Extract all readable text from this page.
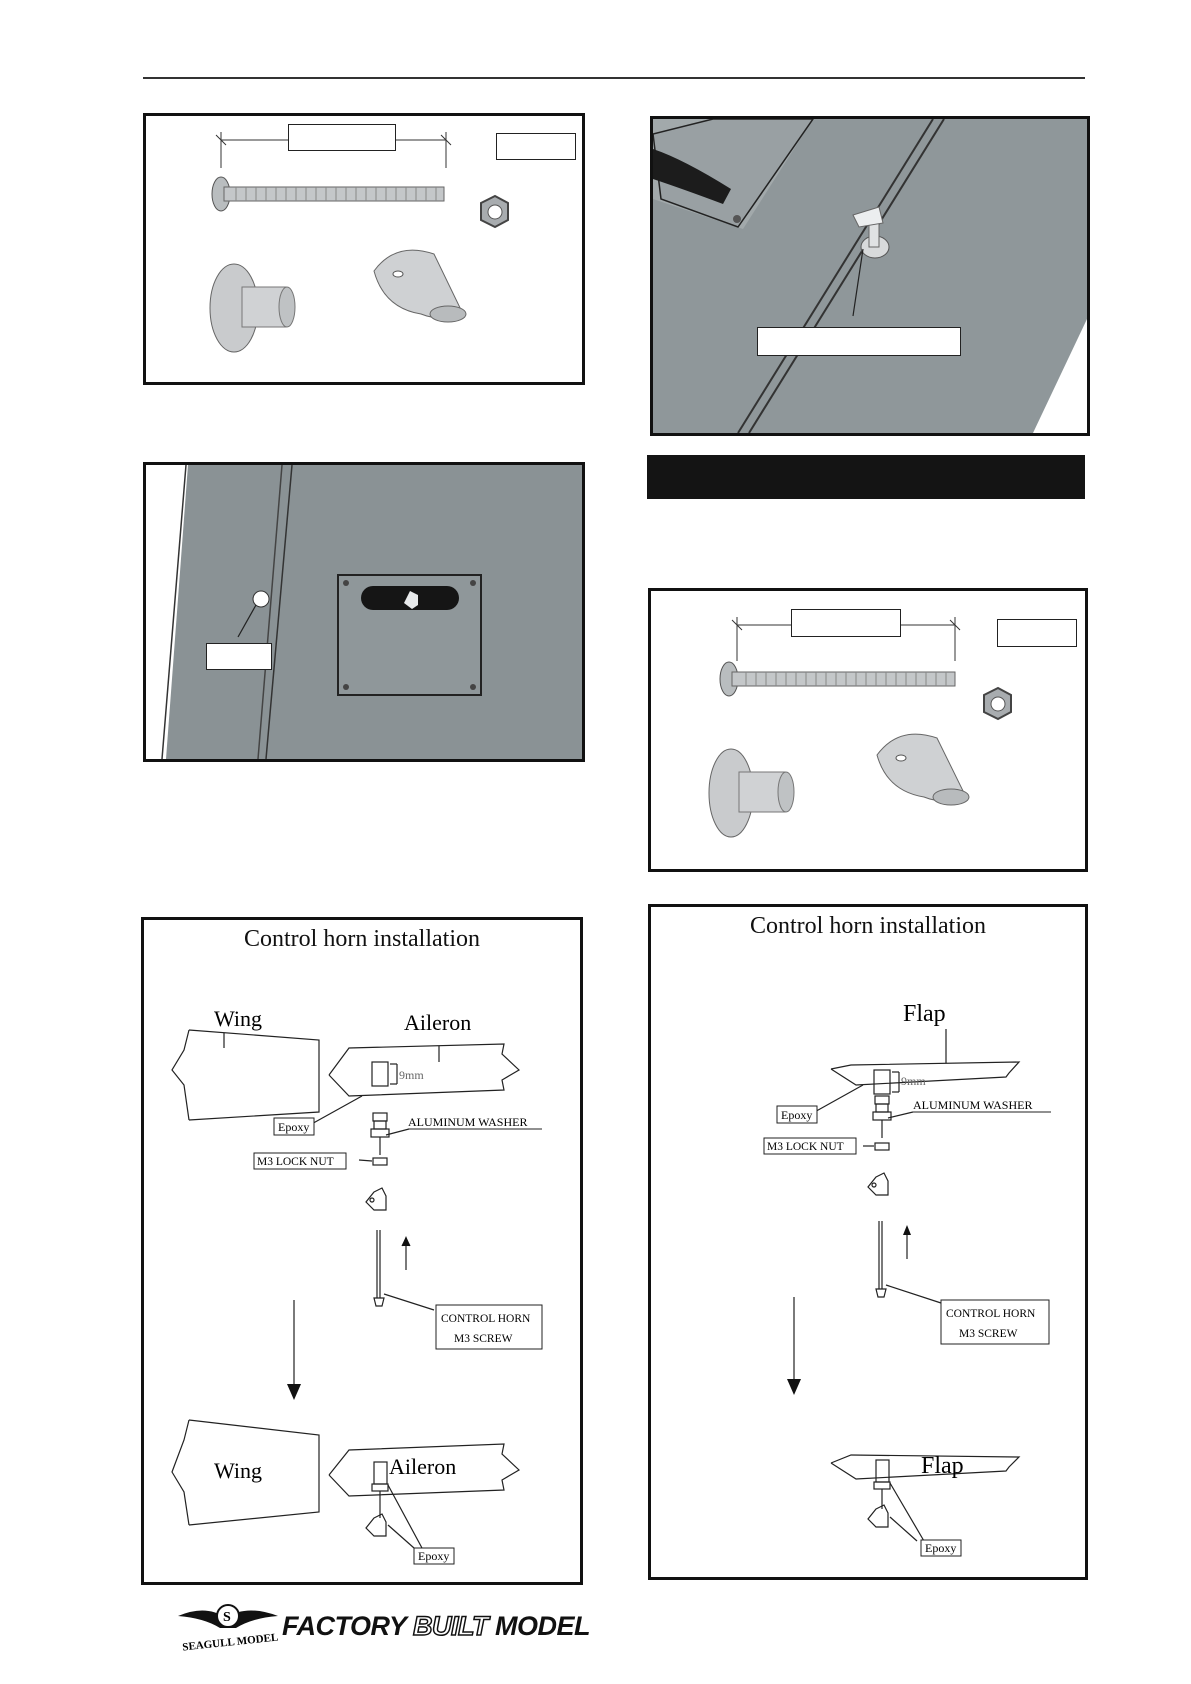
Control horn installation
Wing	Aileron
9mm
Epoxy	ALUMINUM WASHER
M3 LOCK NUT
CONTROL HORN
M3 SCREW
Wing	Aileron
Epoxy
Control horn installation
Flap
9mm
Epoxy
ALUMINUM WASHER
M3 LOCK NUT
CONTROL HORN
M3 SCREW
Flap
Epoxy
S
SEAGULL MODEL
FACTORY BUILT MODEL
